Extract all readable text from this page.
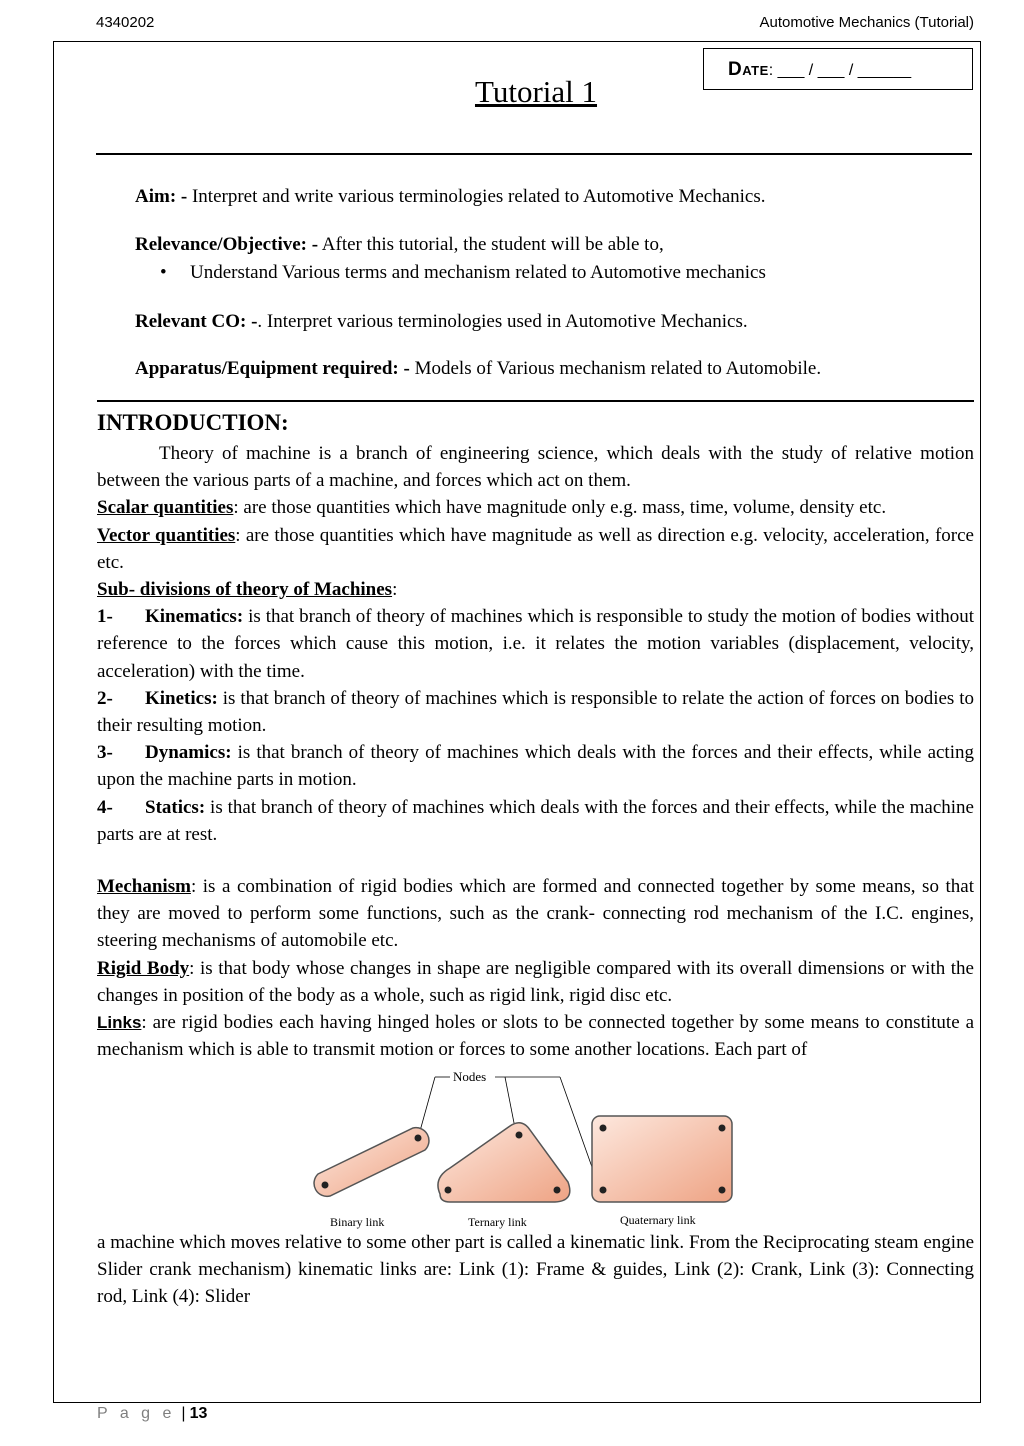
4340202	Automotive Mechanics (Tutorial)
Date: ___ / ___ / ______
Tutorial 1
Aim: - Interpret and write various terminologies related to Automotive Mechanics.
Relevance/Objective: - After this tutorial, the student will be able to,
• Understand Various terms and mechanism related to Automotive mechanics
Relevant CO: -. Interpret various terminologies used in Automotive Mechanics.
Apparatus/Equipment required: - Models of Various mechanism related to Automobile.
INTRODUCTION:

Theory of machine is a branch of engineering science, which deals with the study of relative motion between the various parts of a machine, and forces which act on them.

Scalar quantities: are those quantities which have magnitude only e.g. mass, time, volume, density etc.

Vector quantities: are those quantities which have magnitude as well as direction e.g. velocity, acceleration, force etc.

Sub- divisions of theory of Machines:

1- Kinematics: is that branch of theory of machines which is responsible to study the motion of bodies without reference to the forces which cause this motion, i.e. it relates the motion variables (displacement, velocity, acceleration) with the time.

2- Kinetics: is that branch of theory of machines which is responsible to relate the action of forces on bodies to their resulting motion.

3- Dynamics: is that branch of theory of machines which deals with the forces and their effects, while acting upon the machine parts in motion.

4- Statics: is that branch of theory of machines which deals with the forces and their effects, while the machine parts are at rest.

Mechanism: is a combination of rigid bodies which are formed and connected together by some means, so that they are moved to perform some functions, such as the crank- connecting rod mechanism of the I.C. engines, steering mechanisms of automobile etc.

Rigid Body: is that body whose changes in shape are negligible compared with its overall dimensions or with the changes in position of the body as a whole, such as rigid link, rigid disc etc.

Links: are rigid bodies each having hinged holes or slots to be connected together by some means to constitute a mechanism which is able to transmit motion or forces to some another locations. Each part of

Nodes
Binary link	Ternary link	Quaternary link

a machine which moves relative to some other part is called a kinematic link. From the Reciprocating steam engine Slider crank mechanism) kinematic links are: Link (1): Frame & guides, Link (2): Crank, Link (3): Connecting rod, Link (4): Slider

P a g e | 13
